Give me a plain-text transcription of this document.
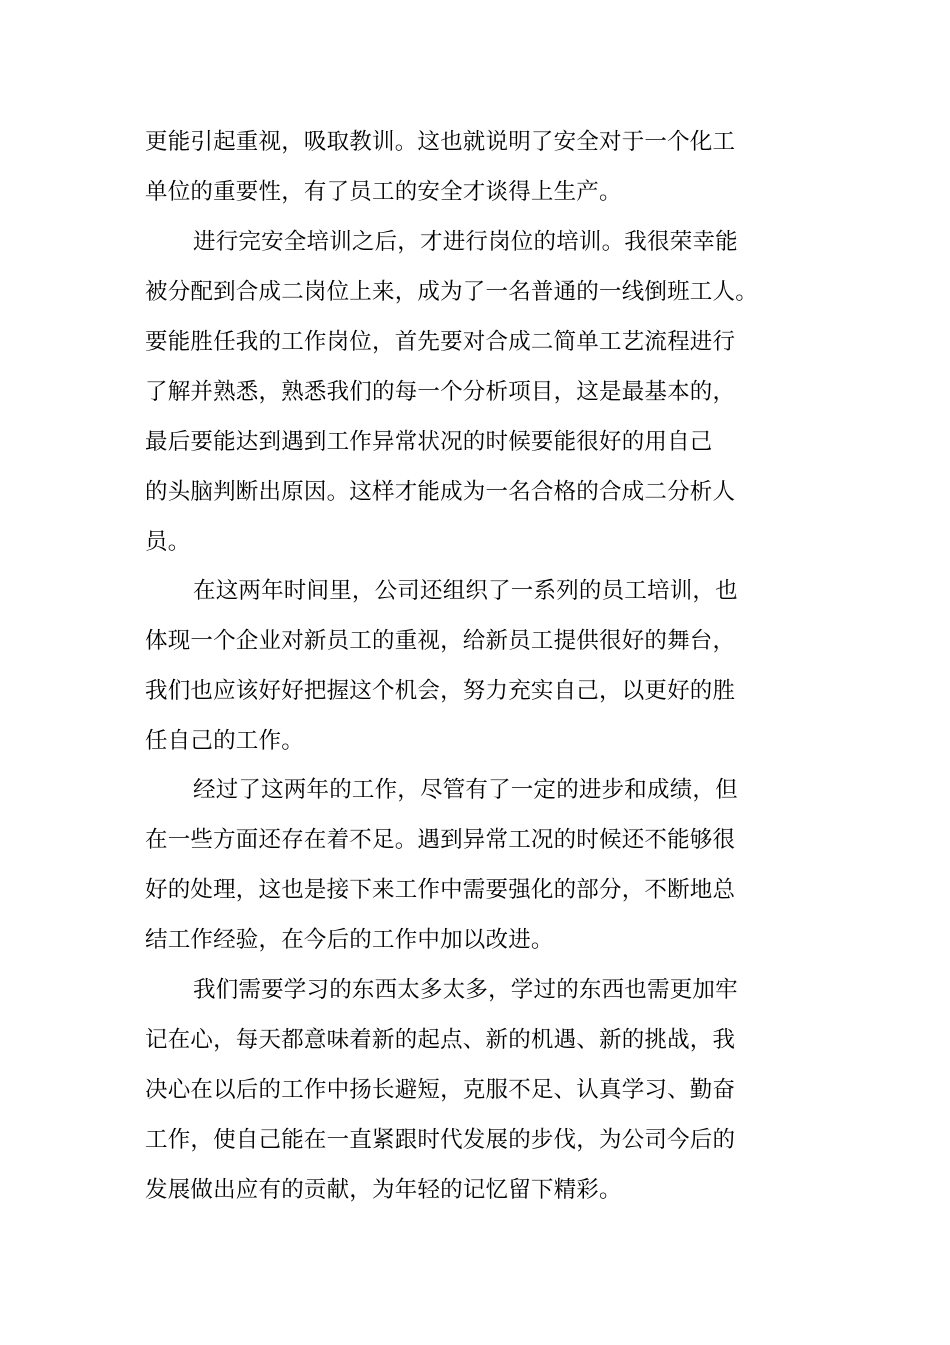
更能引起重视，吸取教训。这也就说明了安全对于一个化工
单位的重要性，有了员工的安全才谈得上生产。
进行完安全培训之后，才进行岗位的培训。我很荣幸能
被分配到合成二岗位上来，成为了一名普通的一线倒班工人。
要能胜任我的工作岗位，首先要对合成二简单工艺流程进行
了解并熟悉，熟悉我们的每一个分析项目，这是最基本的，
最后要能达到遇到工作异常状况的时候要能很好的用自己
的头脑判断出原因。这样才能成为一名合格的合成二分析人
员。
在这两年时间里，公司还组织了一系列的员工培训，也
体现一个企业对新员工的重视，给新员工提供很好的舞台，
我们也应该好好把握这个机会，努力充实自己，以更好的胜
任自己的工作。
经过了这两年的工作，尽管有了一定的进步和成绩，但
在一些方面还存在着不足。遇到异常工况的时候还不能够很
好的处理，这也是接下来工作中需要强化的部分，不断地总
结工作经验，在今后的工作中加以改进。
我们需要学习的东西太多太多，学过的东西也需更加牢
记在心，每天都意味着新的起点、新的机遇、新的挑战，我
决心在以后的工作中扬长避短，克服不足、认真学习、勤奋
工作，使自己能在一直紧跟时代发展的步伐，为公司今后的
发展做出应有的贡献，为年轻的记忆留下精彩。
